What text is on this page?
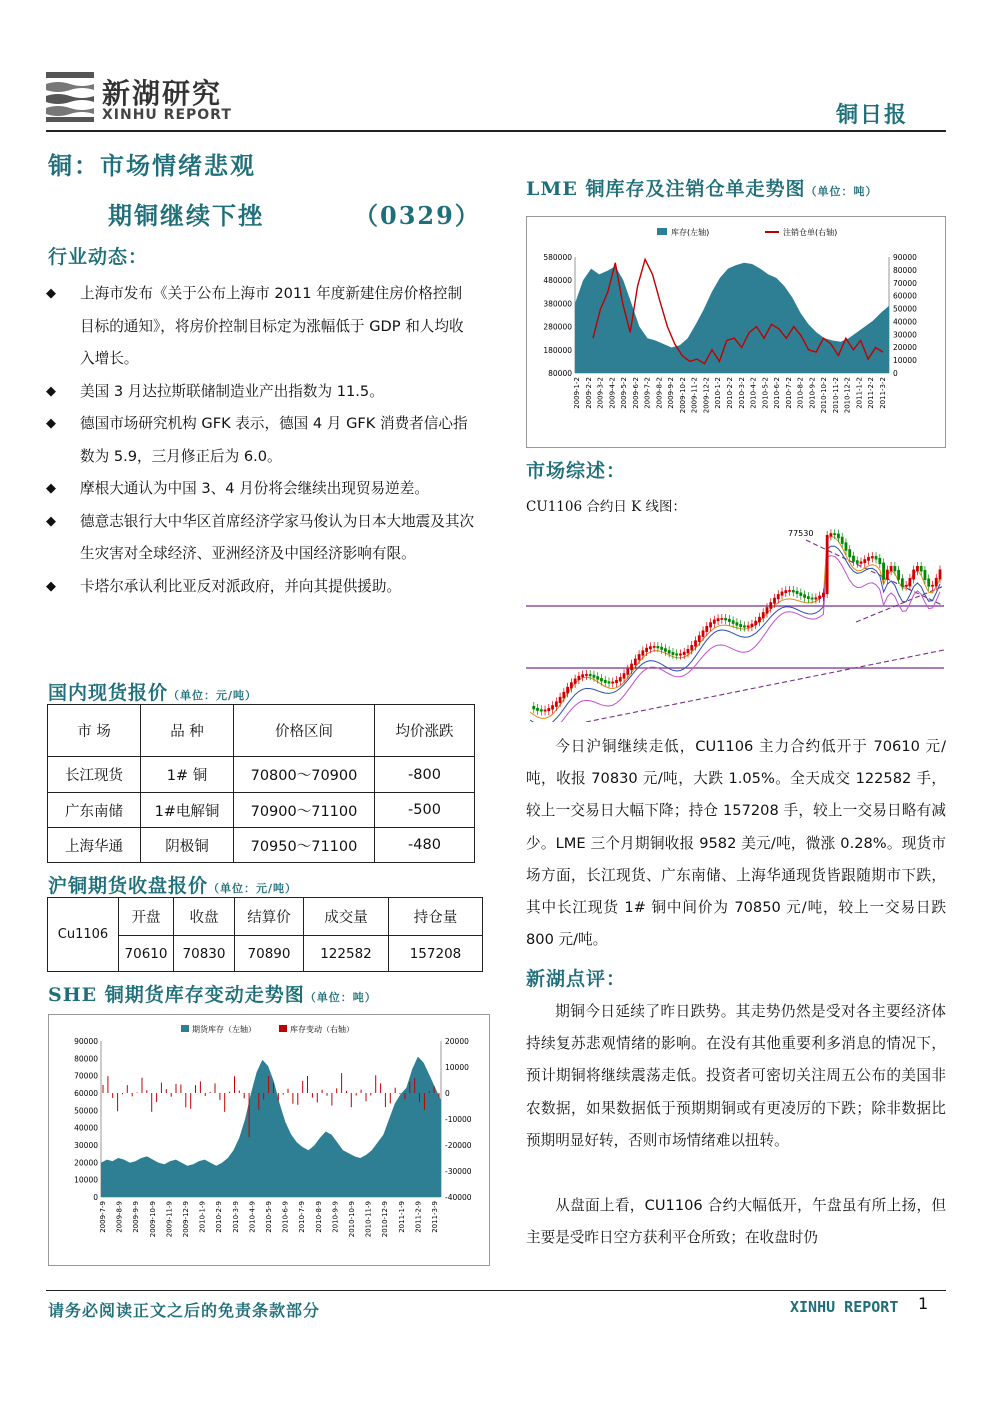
新湖研究
XINHU REPORT	铜日报
铜：市场情绪悲观
期铜继续下挫	（0329）
行业动态：
◆	上海市发布《关于公布上海市 2011 年度新建住房价格控制目标的通知》，将房价控制目标定为涨幅低于 GDP 和人均收入增长。
◆	美国 3 月达拉斯联储制造业产出指数为 11.5。
◆	德国市场研究机构 GFK 表示，德国 4 月 GFK 消费者信心指数为 5.9，三月修正后为 6.0。
◆	摩根大通认为中国 3、4 月份将会继续出现贸易逆差。
◆	德意志银行大中华区首席经济学家马俊认为日本大地震及其次生灾害对全球经济、亚洲经济及中国经济影响有限。
◆	卡塔尔承认利比亚反对派政府，并向其提供援助。
国内现货报价（单位：元/吨）
市 场	品 种	价格区间	均价涨跌
长江现货	1# 铜	70800～70900	-800
广东南储	1#电解铜	70900～71100	-500
上海华通	阴极铜	70950～71100	-480
沪铜期货收盘报价（单位：元/吨）
Cu1106	开盘	收盘	结算价	成交量	持仓量
	70610	70830	70890	122582	157208
SHE 铜期货库存变动走势图（单位：吨）
期货库存（左轴）	库存变动（右轴）
90000
80000
70000
60000
50000
40000
30000
20000
10000
0
20000
10000
0
-10000
-20000
-30000
-40000
2009-7-9 2009-8-9 2009-9-9 2009-10-9 2009-11-9 2009-12-9 2010-1-9 2010-2-9 2010-3-9 2010-4-9 2010-5-9 2010-6-9 2010-7-9 2010-8-9 2010-9-9 2010-10-9 2010-11-9 2010-12-9 2011-1-9 2011-2-9 2011-3-9
LME 铜库存及注销仓单走势图（单位：吨）
库存(左轴)	注销仓单(右轴)
580000
480000
380000
280000
180000
80000
90000
80000
70000
60000
50000
40000
30000
20000
10000
0
2009-1-2 2009-2-2 2009-3-2 2009-4-2 2009-5-2 2009-6-2 2009-7-2 2009-8-2 2009-9-2 2009-10-2 2009-11-2 2009-12-2 2010-1-2 2010-2-2 2010-3-2 2010-4-2 2010-5-2 2010-6-2 2010-7-2 2010-8-2 2010-9-2 2010-10-2 2010-11-2 2010-12-2 2011-1-2 2011-2-2 2011-3-2
市场综述：
CU1106 合约日 K 线图：
77530
今日沪铜继续走低，CU1106 主力合约低开于 70610 元/吨，收报 70830 元/吨，大跌 1.05%。全天成交 122582 手，较上一交易日大幅下降；持仓 157208 手，较上一交易日略有减少。LME 三个月期铜收报 9582 美元/吨，微涨 0.28%。现货市场方面，长江现货、广东南储、上海华通现货皆跟随期市下跌，其中长江现货 1# 铜中间价为 70850 元/吨，较上一交易日跌 800 元/吨。
新湖点评：
期铜今日延续了昨日跌势。其走势仍然是受对各主要经济体持续复苏悲观情绪的影响。在没有其他重要利多消息的情况下，预计期铜将继续震荡走低。投资者可密切关注周五公布的美国非农数据，如果数据低于预期期铜或有更凌厉的下跌；除非数据比预期明显好转，否则市场情绪难以扭转。
从盘面上看，CU1106 合约大幅低开，午盘虽有所上扬，但主要是受昨日空方获利平仓所致；在收盘时仍
请务必阅读正文之后的免责条款部分	XINHU REPORT 1
